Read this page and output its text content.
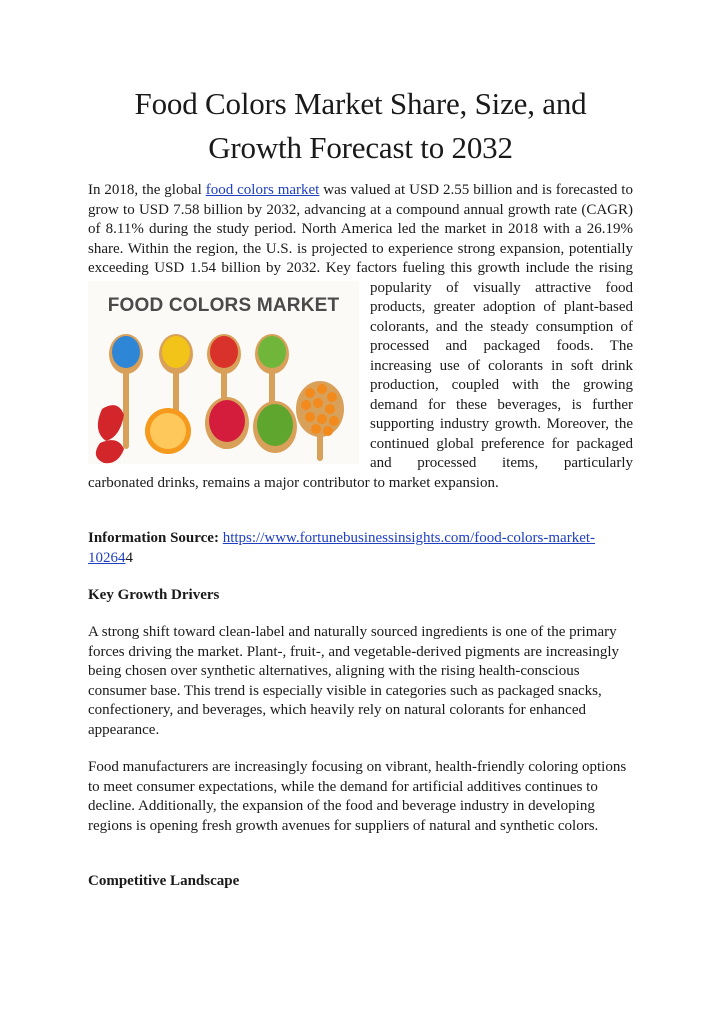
Food Colors Market Share, Size, and
Growth Forecast to 2032
In 2018, the global food colors market was valued at USD 2.55 billion and is forecasted to grow to USD 7.58 billion by 2032, advancing at a compound annual growth rate (CAGR) of 8.11% during the study period. North America led the market in 2018 with a 26.19% share. Within the region, the U.S. is projected to experience strong expansion, potentially exceeding USD 1.54 billion by 2032. Key factors fueling this growth include the rising popularity of visually attractive
FOOD COLORS MARKET
food products, greater adoption of plant-based colorants, and the steady consumption of processed and packaged foods. The increasing use of colorants in soft drink production, coupled with the growing demand for these beverages, is further supporting industry growth. Moreover, the continued global preference for packaged and processed items, particularly carbonated drinks, remains a major contributor to market expansion.
Information Source: https://www.fortunebusinessinsights.com/food-colors-market-102644
Key Growth Drivers
A strong shift toward clean-label and naturally sourced ingredients is one of the primary forces driving the market. Plant-, fruit-, and vegetable-derived pigments are increasingly being chosen over synthetic alternatives, aligning with the rising health-conscious consumer base. This trend is especially visible in categories such as packaged snacks, confectionery, and beverages, which heavily rely on natural colorants for enhanced appearance.
Food manufacturers are increasingly focusing on vibrant, health-friendly coloring options to meet consumer expectations, while the demand for artificial additives continues to decline. Additionally, the expansion of the food and beverage industry in developing regions is opening fresh growth avenues for suppliers of natural and synthetic colors.
Competitive Landscape
